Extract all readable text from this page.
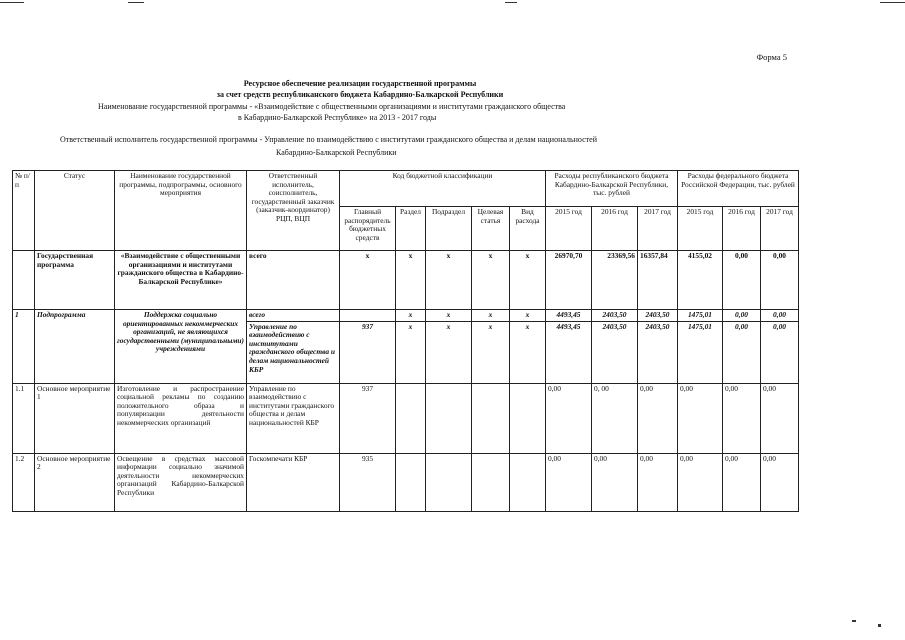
Форма 5
Ресурсное обеспечение реализации государственной программы
за счет средств республиканского бюджета Кабардино-Балкарской Республики
Наименование государственной программы - «Взаимодействие с общественными организациями и институтами гражданского общества
в Кабардино-Балкарской Республике» на 2013 - 2017 годы
Ответственный исполнитель государственной программы - Управление по взаимодействию с институтами гражданского общества и делам национальностей
Кабардино-Балкарской Республики
№ п/п	Статус	Наименование государственной программы, подпрограммы, основного мероприятия	Ответственный исполнитель, соисполнитель, государственный заказчик (заказчик-координатор) РЦП, ВЦП	Код бюджетной классификации					Расходы республиканского бюджета Кабардино-Балкарской Республики, тыс. рублей			Расходы федерального бюджета Российской Федерации, тыс. рублей		
				Главный распорядитель бюджетных средств	Раздел	Подраздел	Целевая статья	Вид расхода	2015 год	2016 год	2017 год	2015 год	2016 год	2017 год
	Государственная программа	«Взаимодействие с общественными организациями и институтами гражданского общества в Кабардино-Балкарской Республике»	всего	х	х	х	х	х	26970,70	23369,56	16357,84	4155,02	0,00	0,00
1	Подпрограмма	Поддержка социально ориентированных некоммерческих организаций, не являющихся государственными (муниципальными) учреждениями	всего		х	х	х	х	4493,45	2403,50	2403,50	1475,01	0,00	0,00
			Управление по взаимодействию с институтами гражданского общества и делам национальностей КБР	937	х	х	х	х	4493,45	2403,50	2403,50	1475,01	0,00	0,00
1.1	Основное мероприятие 1	Изготовление и распространение социальной рекламы по созданию положительного образа и популяризации деятельности некоммерческих организаций	Управление по взаимодействию с институтами гражданского общества и делам национальностей КБР	937					0,00	0, 00	0,00	0,00	0,00	0,00
1.2	Основное мероприятие 2	Освещение в средствах массовой информации социально значимой деятельности некоммерческих организаций Кабардино-Балкарской Республики	Госкомпечати КБР	935					0,00	0,00	0,00	0,00	0,00	0,00
